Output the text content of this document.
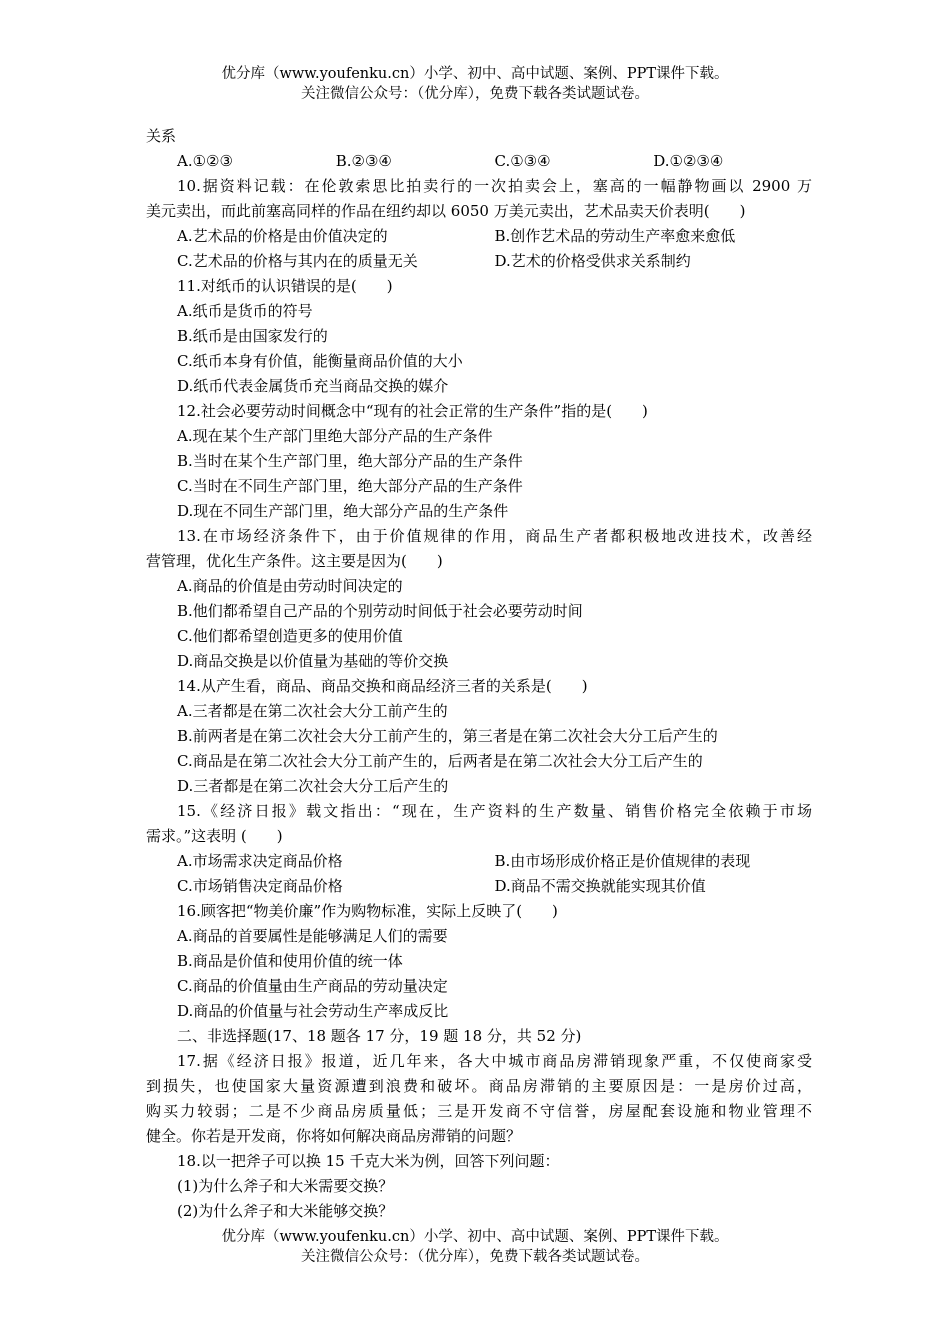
优分库（www.youfenku.cn）小学、初中、高中试题、案例、PPT课件下载。
关注微信公众号：（优分库），免费下载各类试题试卷。
关系
A.①②③	B.②③④	C.①③④	D.①②③④
10.据资料记载：在伦敦索思比拍卖行的一次拍卖会上，塞高的一幅静物画以 2900 万
美元卖出，而此前塞高同样的作品在纽约却以 6050 万美元卖出，艺术品卖天价表明(　　)
A.艺术品的价格是由价值决定的	B.创作艺术品的劳动生产率愈来愈低
C.艺术品的价格与其内在的质量无关	D.艺术的价格受供求关系制约
11.对纸币的认识错误的是(　　)
A.纸币是货币的符号
B.纸币是由国家发行的
C.纸币本身有价值，能衡量商品价值的大小
D.纸币代表金属货币充当商品交换的媒介
12.社会必要劳动时间概念中“现有的社会正常的生产条件”指的是(　　)
A.现在某个生产部门里绝大部分产品的生产条件
B.当时在某个生产部门里，绝大部分产品的生产条件
C.当时在不同生产部门里，绝大部分产品的生产条件
D.现在不同生产部门里，绝大部分产品的生产条件
13.在市场经济条件下，由于价值规律的作用，商品生产者都积极地改进技术，改善经
营管理，优化生产条件。这主要是因为(　　)
A.商品的价值是由劳动时间决定的
B.他们都希望自己产品的个别劳动时间低于社会必要劳动时间
C.他们都希望创造更多的使用价值
D.商品交换是以价值量为基础的等价交换
14.从产生看，商品、商品交换和商品经济三者的关系是(　　)
A.三者都是在第二次社会大分工前产生的
B.前两者是在第二次社会大分工前产生的，第三者是在第二次社会大分工后产生的
C.商品是在第二次社会大分工前产生的，后两者是在第二次社会大分工后产生的
D.三者都是在第二次社会大分工后产生的
15.《经济日报》载文指出：“现在，生产资料的生产数量、销售价格完全依赖于市场
需求。”这表明 (　　)
A.市场需求决定商品价格	B.由市场形成价格正是价值规律的表现
C.市场销售决定商品价格	D.商品不需交换就能实现其价值
16.顾客把“物美价廉”作为购物标准，实际上反映了(　　)
A.商品的首要属性是能够满足人们的需要
B.商品是价值和使用价值的统一体
C.商品的价值量由生产商品的劳动量决定
D.商品的价值量与社会劳动生产率成反比
二、非选择题(17、18 题各 17 分，19 题 18 分，共 52 分)
17.据《经济日报》报道，近几年来，各大中城市商品房滞销现象严重，不仅使商家受
到损失，也使国家大量资源遭到浪费和破坏。商品房滞销的主要原因是：一是房价过高，
购买力较弱；二是不少商品房质量低；三是开发商不守信誉，房屋配套设施和物业管理不
健全。你若是开发商，你将如何解决商品房滞销的问题？
18.以一把斧子可以换 15 千克大米为例，回答下列问题：
(1)为什么斧子和大米需要交换？
(2)为什么斧子和大米能够交换？
优分库（www.youfenku.cn）小学、初中、高中试题、案例、PPT课件下载。
关注微信公众号：（优分库），免费下载各类试题试卷。
